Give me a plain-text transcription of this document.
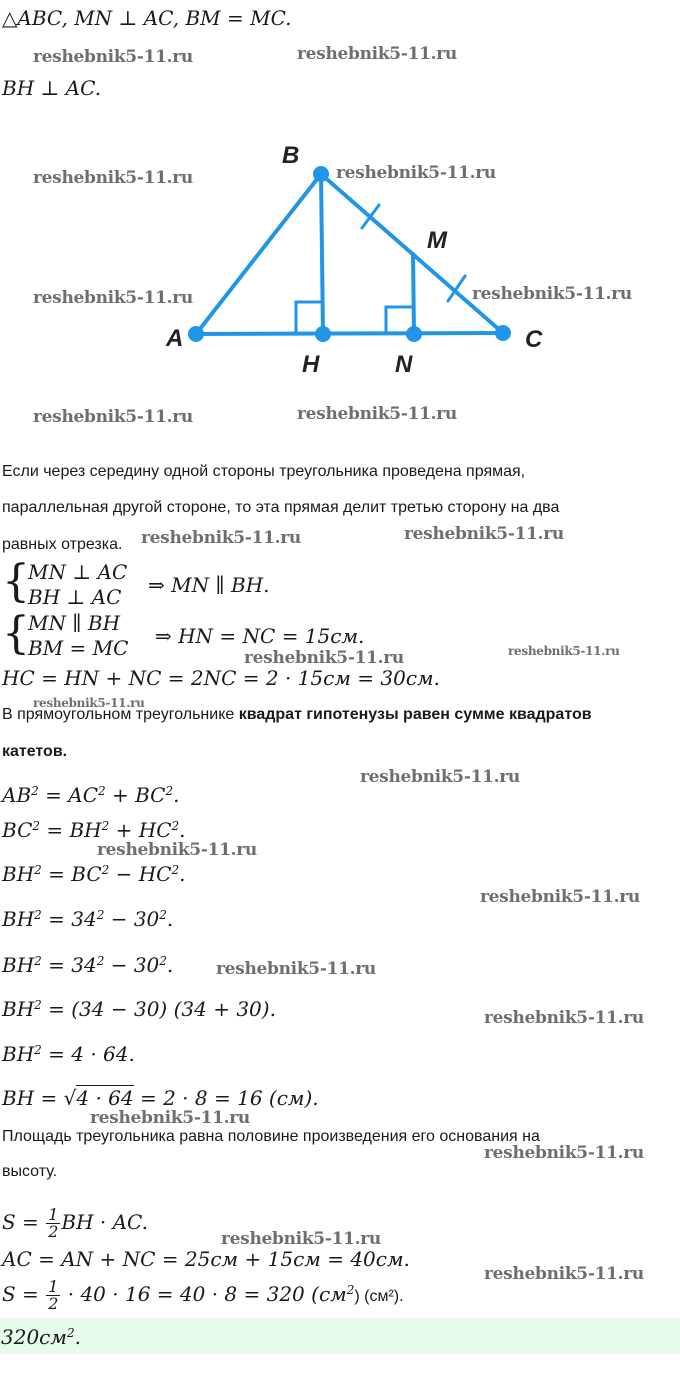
△ABC, MN ⊥ AC, BM = MC.
BH ⊥ AC.
B
A
H	N
M
C
Если через середину одной стороны треугольника проведена прямая,
параллельная другой стороне, то эта прямая делит третью сторону на два
равных отрезка.
{
MN ⊥ AC
BH ⊥ AC ⇒ MN ∥ BH.
{
MN ∥ BH
BM = MC ⇒ HN = NC = 15см.
HC = HN + NC = 2NC = 2 · 15см = 30см.
В прямоугольном треугольнике квадрат гипотенузы равен сумме квадратов
катетов.
$AB^2 = AC^2 + BC^2$.
$BC^2 = BH^2 + HC^2$.
$BH^2 = BC^2 - HC^2$.
$BH^2 = 34^2 - 30^2$.
$BH^2 = 34^2 - 30^2$.
$BH^2 = (34 - 30) (34 + 30)$.
$BH^2 = 4 \cdot 64$.
BH = √4 · 64 = 2 · 8 = 16 (см).
Площадь треугольника равна половине произведения его основания на
высоту.
$S = \frac{1}{2}$ BH · AC.
AC = AN + NC = 25см + 15см = 40см.
$S = \frac{1}{2} \cdot 40 \cdot 16 = 40 \cdot 8 = 320$ $(см^2)$ (см²).
$320см^2$.
reshebnik5-11.ru	reshebnik5-11.ru
reshebnik5-11.ru	reshebnik5-11.ru
reshebnik5-11.ru	reshebnik5-11.ru
reshebnik5-11.ru	reshebnik5-11.ru
reshebnik5-11.ru	reshebnik5-11.ru
reshebnik5-11.ru	reshebnik5-11.ru
reshebnik5-11.ru
reshebnik5-11.ru
reshebnik5-11.ru
reshebnik5-11.ru
reshebnik5-11.ru
reshebnik5-11.ru
reshebnik5-11.ru
reshebnik5-11.ru
reshebnik5-11.ru
reshebnik5-11.ru
